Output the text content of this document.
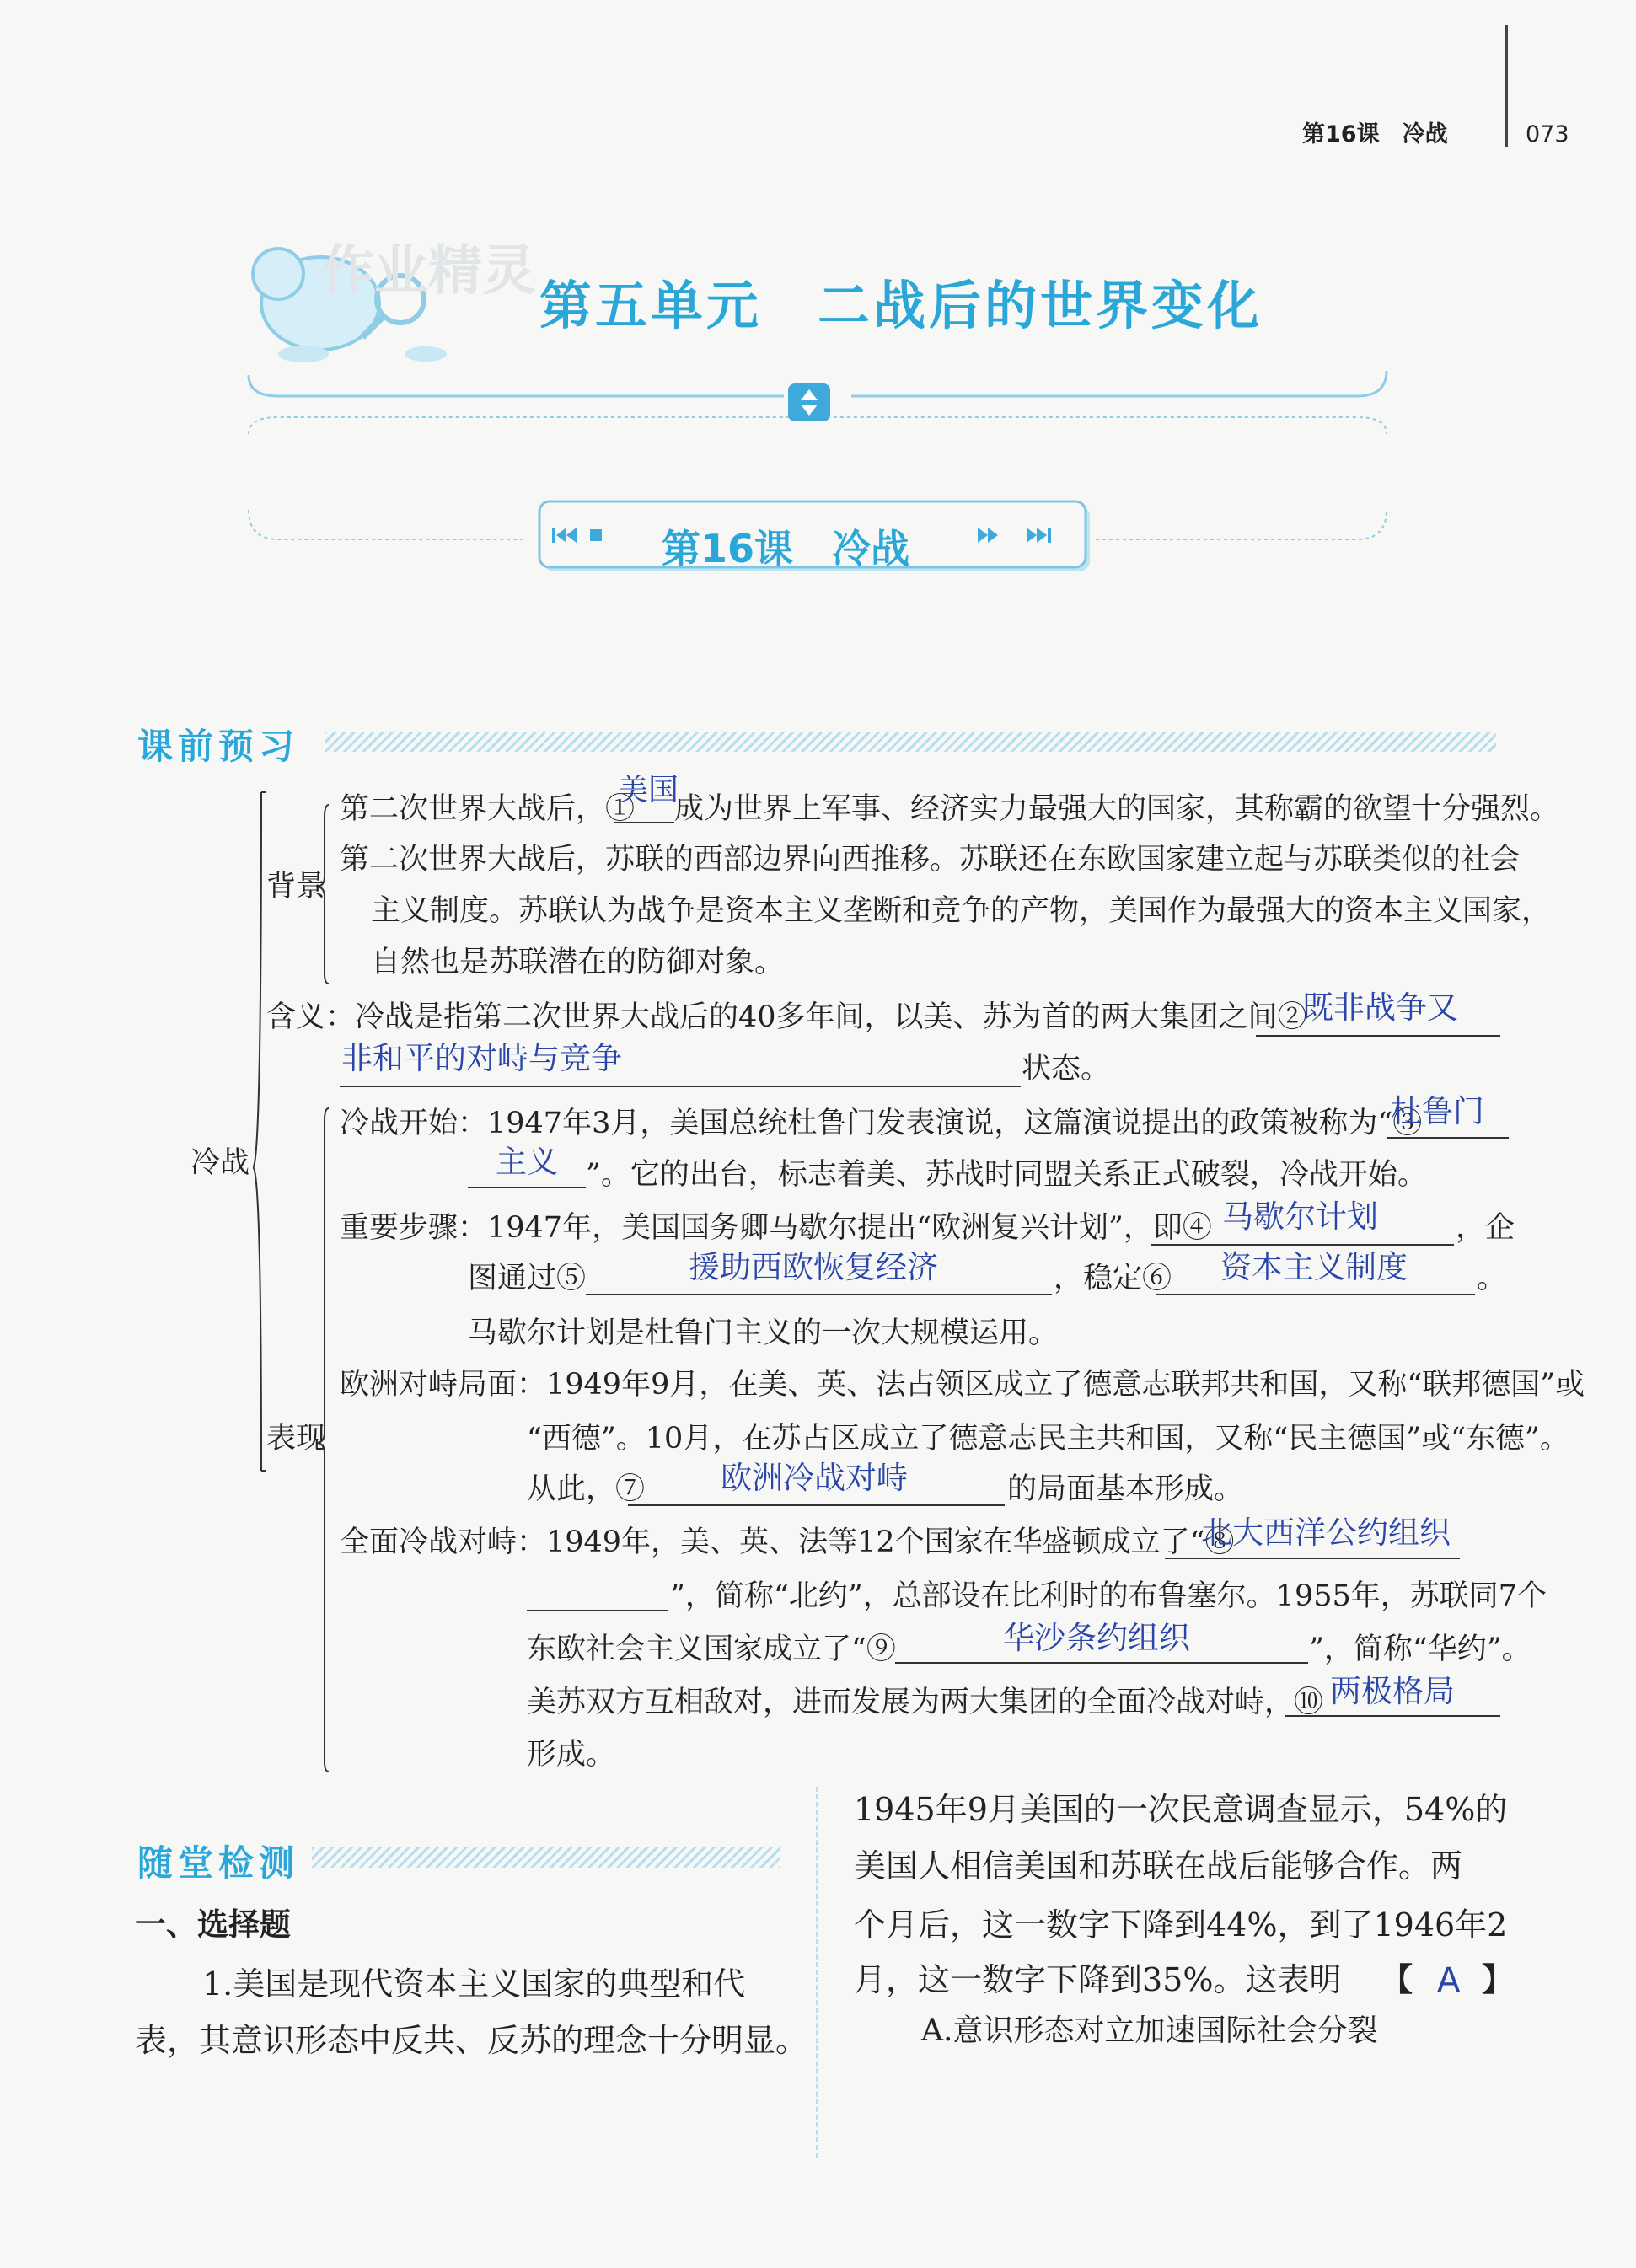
第16课　冷战	073
作业精灵
第五单元　二战后的世界变化
第16课　冷战
课前预习
冷战
背景
表现
第二次世界大战后，①
美国
成为世界上军事、经济实力最强大的国家，其称霸的欲望十分强烈。
第二次世界大战后，苏联的西部边界向西推移。苏联还在东欧国家建立起与苏联类似的社会
主义制度。苏联认为战争是资本主义垄断和竞争的产物，美国作为最强大的资本主义国家，
自然也是苏联潜在的防御对象。
含义：冷战是指第二次世界大战后的40多年间，以美、苏为首的两大集团之间②
既非战争又
非和平的对峙与竞争	状态。
冷战开始：1947年3月，美国总统杜鲁门发表演说，这篇演说提出的政策被称为“③
杜鲁门
主义 ”。它的出台，标志着美、苏战时同盟关系正式破裂，冷战开始。
重要步骤：1947年，美国国务卿马歇尔提出“欧洲复兴计划”，即④ 马歇尔计划	，企
图通过⑤	援助西欧恢复经济	，稳定⑥ 资本主义制度 。
马歇尔计划是杜鲁门主义的一次大规模运用。
欧洲对峙局面：1949年9月，在美、英、法占领区成立了德意志联邦共和国，又称“联邦德国”或
“西德”。10月，在苏占区成立了德意志民主共和国，又称“民主德国”或“东德”。
从此，⑦ 欧洲冷战对峙	的局面基本形成。
全面冷战对峙：1949年，美、英、法等12个国家在华盛顿成立了“⑧
北大西洋公约组织
”，简称“北约”，总部设在比利时的布鲁塞尔。1955年，苏联同7个
东欧社会主义国家成立了“⑨	华沙条约组织	”，简称“华约”。
美苏双方互相敌对，进而发展为两大集团的全面冷战对峙，⑩ 两极格局
形成。
随堂检测
一、选择题
1.美国是现代资本主义国家的典型和代
表，其意识形态中反共、反苏的理念十分明显。
1945年9月美国的一次民意调查显示，54%的
美国人相信美国和苏联在战后能够合作。两
个月后，这一数字下降到44%，到了1946年2
月，这一数字下降到35%。这表明 【 A 】
A.意识形态对立加速国际社会分裂
